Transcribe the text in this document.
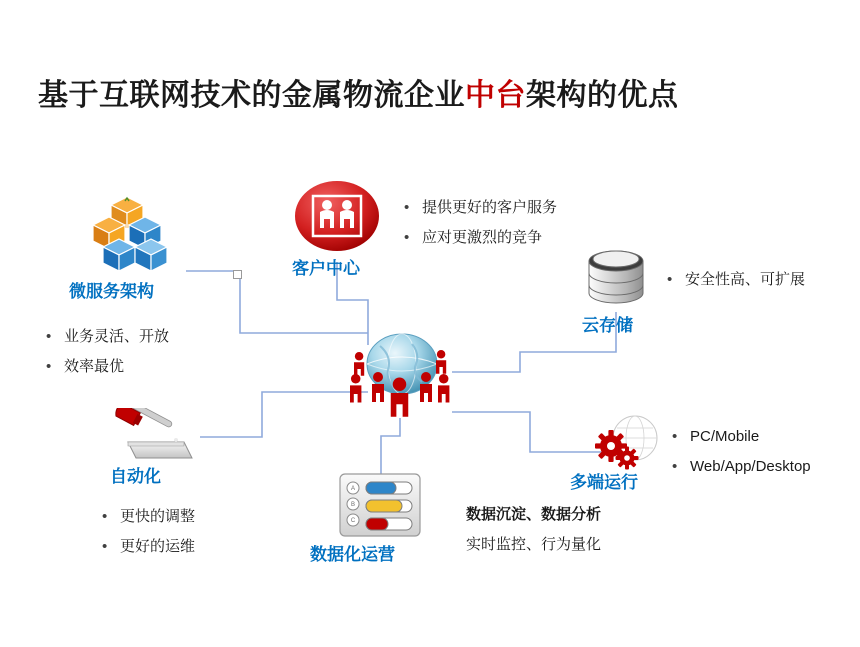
基于互联网技术的金属物流企业中台架构的优点
微服务架构
• 业务灵活、开放
• 效率最优
客户中心
• 提供更好的客户服务
• 应对更激烈的竞争
云存储
• 安全性高、可扩展
自动化
• 更快的调整
• 更好的运维
多端运行
• PC/Mobile
• Web/App/Desktop
A
B
C
数据化运营
数据沉淀、数据分析
实时监控、行为量化
